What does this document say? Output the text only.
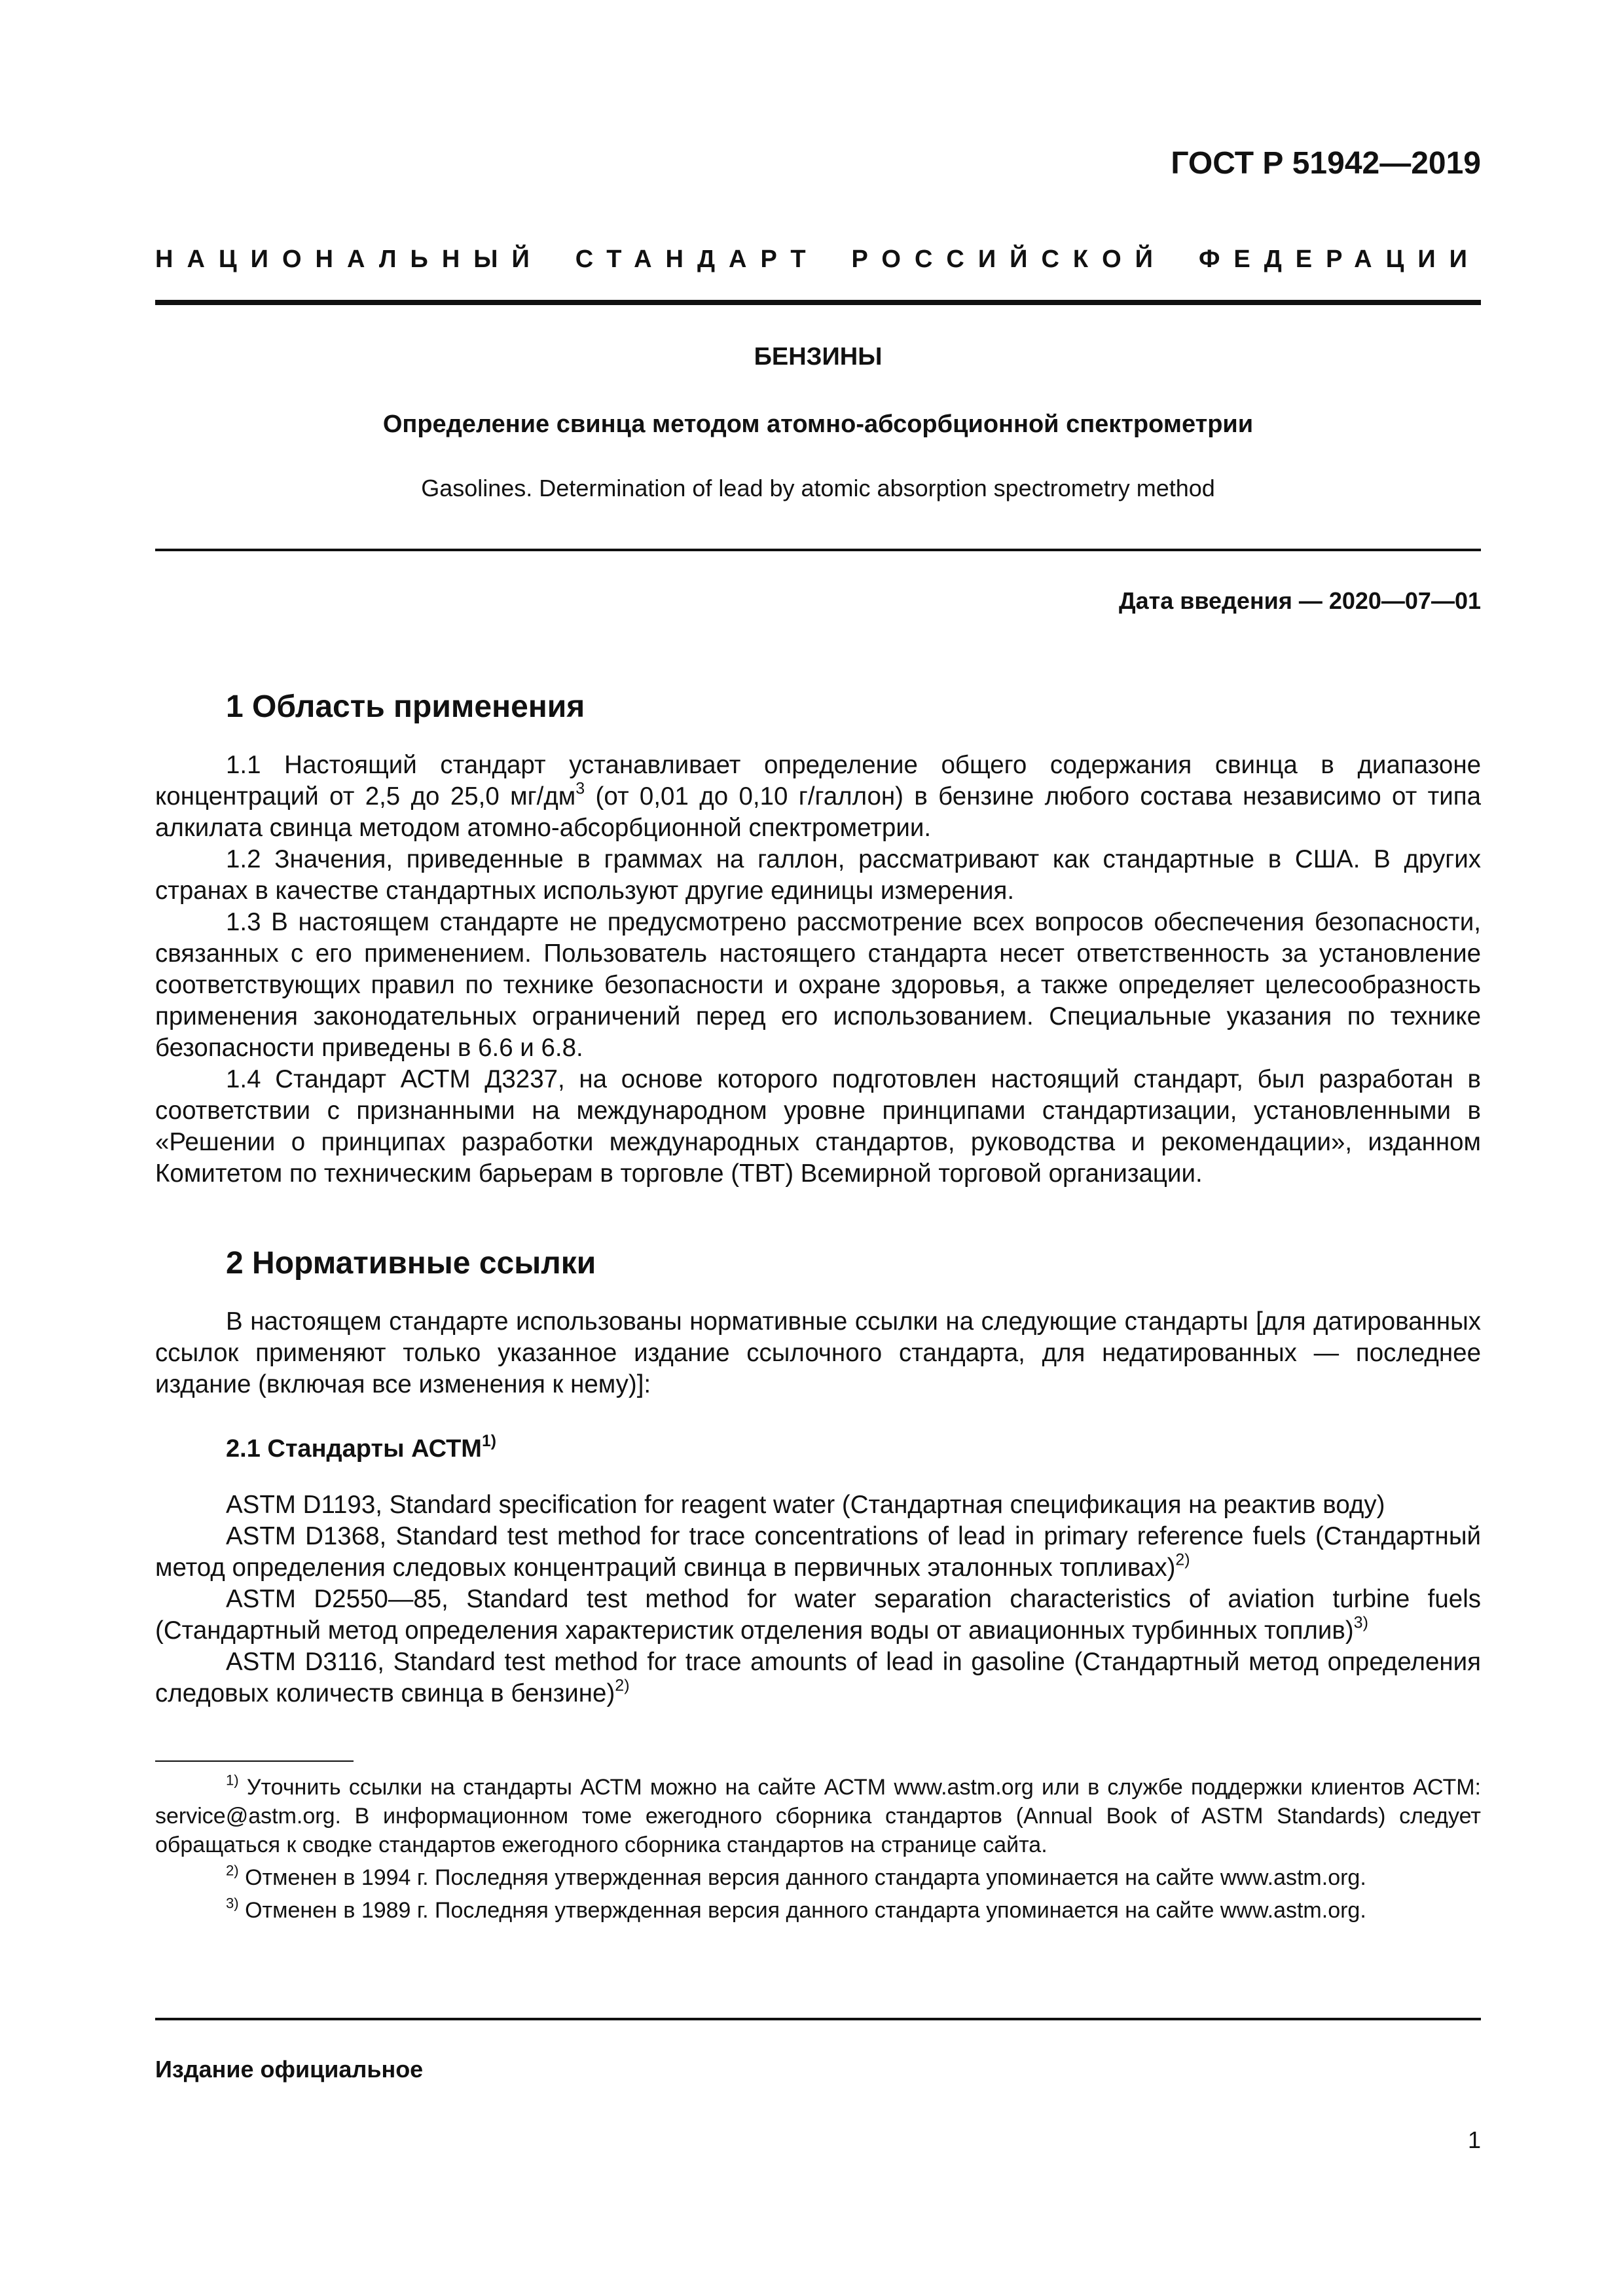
ГОСТ Р 51942—2019
НАЦИОНАЛЬНЫЙ СТАНДАРТ РОССИЙСКОЙ ФЕДЕРАЦИИ
БЕНЗИНЫ
Определение свинца методом атомно-абсорбционной спектрометрии
Gasolines. Determination of lead by atomic absorption spectrometry method
Дата введения — 2020—07—01
1 Область применения

1.1 Настоящий стандарт устанавливает определение общего содержания свинца в диапазоне концентраций от 2,5 до 25,0 $мг/дм^3$ (от 0,01 до 0,10 г/галлон) в бензине любого состава независимо от типа алкилата свинца методом атомно-абсорбционной спектрометрии.

1.2 Значения, приведенные в граммах на галлон, рассматривают как стандартные в США. В других странах в качестве стандартных используют другие единицы измерения.

1.3 В настоящем стандарте не предусмотрено рассмотрение всех вопросов обеспечения безопасности, связанных с его применением. Пользователь настоящего стандарта несет ответственность за установление соответствующих правил по технике безопасности и охране здоровья, а также определяет целесообразность применения законодательных ограничений перед его использованием. Специальные указания по технике безопасности приведены в 6.6 и 6.8.

1.4 Стандарт АСТМ Д3237, на основе которого подготовлен настоящий стандарт, был разработан в соответствии с признанными на международном уровне принципами стандартизации, установленными в «Решении о принципах разработки международных стандартов, руководства и рекомендации», изданном Комитетом по техническим барьерам в торговле (ТВТ) Всемирной торговой организации.

2 Нормативные ссылки

В настоящем стандарте использованы нормативные ссылки на следующие стандарты [для датированных ссылок применяют только указанное издание ссылочного стандарта, для недатированных — последнее издание (включая все изменения к нему)]:

2.1 Стандарты АСТМ$^{1)}$

ASTM D1193, Standard specification for reagent water (Стандартная спецификация на реактив воду)

ASTM D1368, Standard test method for trace concentrations of lead in primary reference fuels (Стандартный метод определения следовых концентраций свинца в первичных эталонных топливах)$^{2)}$

ASTM D2550—85, Standard test method for water separation characteristics of aviation turbine fuels (Стандартный метод определения характеристик отделения воды от авиационных турбинных топлив)$^{3)}$

ASTM D3116, Standard test method for trace amounts of lead in gasoline (Стандартный метод определения следовых количеств свинца в бензине)$^{2)}$

$^{1)}$ Уточнить ссылки на стандарты АСТМ можно на сайте АСТМ www.astm.org или в службе поддержки клиентов АСТМ: service@astm.org. В информационном томе ежегодного сборника стандартов (Annual Book of ASTM Standards) следует обращаться к сводке стандартов ежегодного сборника стандартов на странице сайта.

$^{2)}$ Отменен в 1994 г. Последняя утвержденная версия данного стандарта упоминается на сайте www.astm.org.

$^{3)}$ Отменен в 1989 г. Последняя утвержденная версия данного стандарта упоминается на сайте www.astm.org.

Издание официальное
1
